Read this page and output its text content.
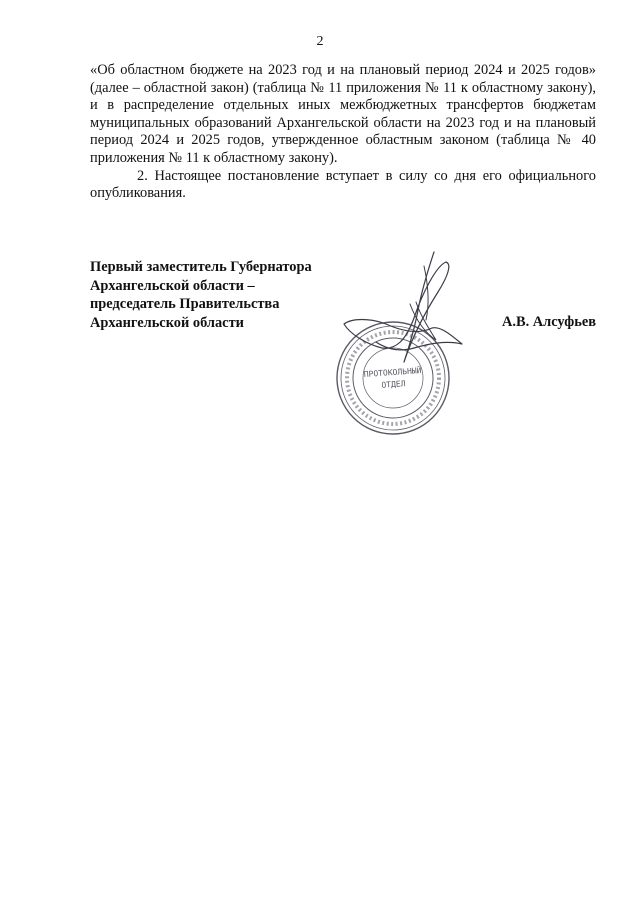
2

«Об областном бюджете на 2023 год и на плановый период 2024 и 2025 годов» (далее – областной закон) (таблица № 11 приложения № 11 к областному закону), и в распределение отдельных иных межбюджетных трансфертов бюджетам муниципальных образований Архангельской области на 2023 год и на плановый период 2024 и 2025 годов, утвержденное областным законом (таблица № 40 приложения № 11 к областному закону).

2. Настоящее постановление вступает в силу со дня его официального опубликования.

Первый заместитель Губернатора
Архангельской области –
председатель Правительства
Архангельской области	А.В. Алсуфьев
ПРОТОКОЛЬНЫЙ
ОТДЕЛ
